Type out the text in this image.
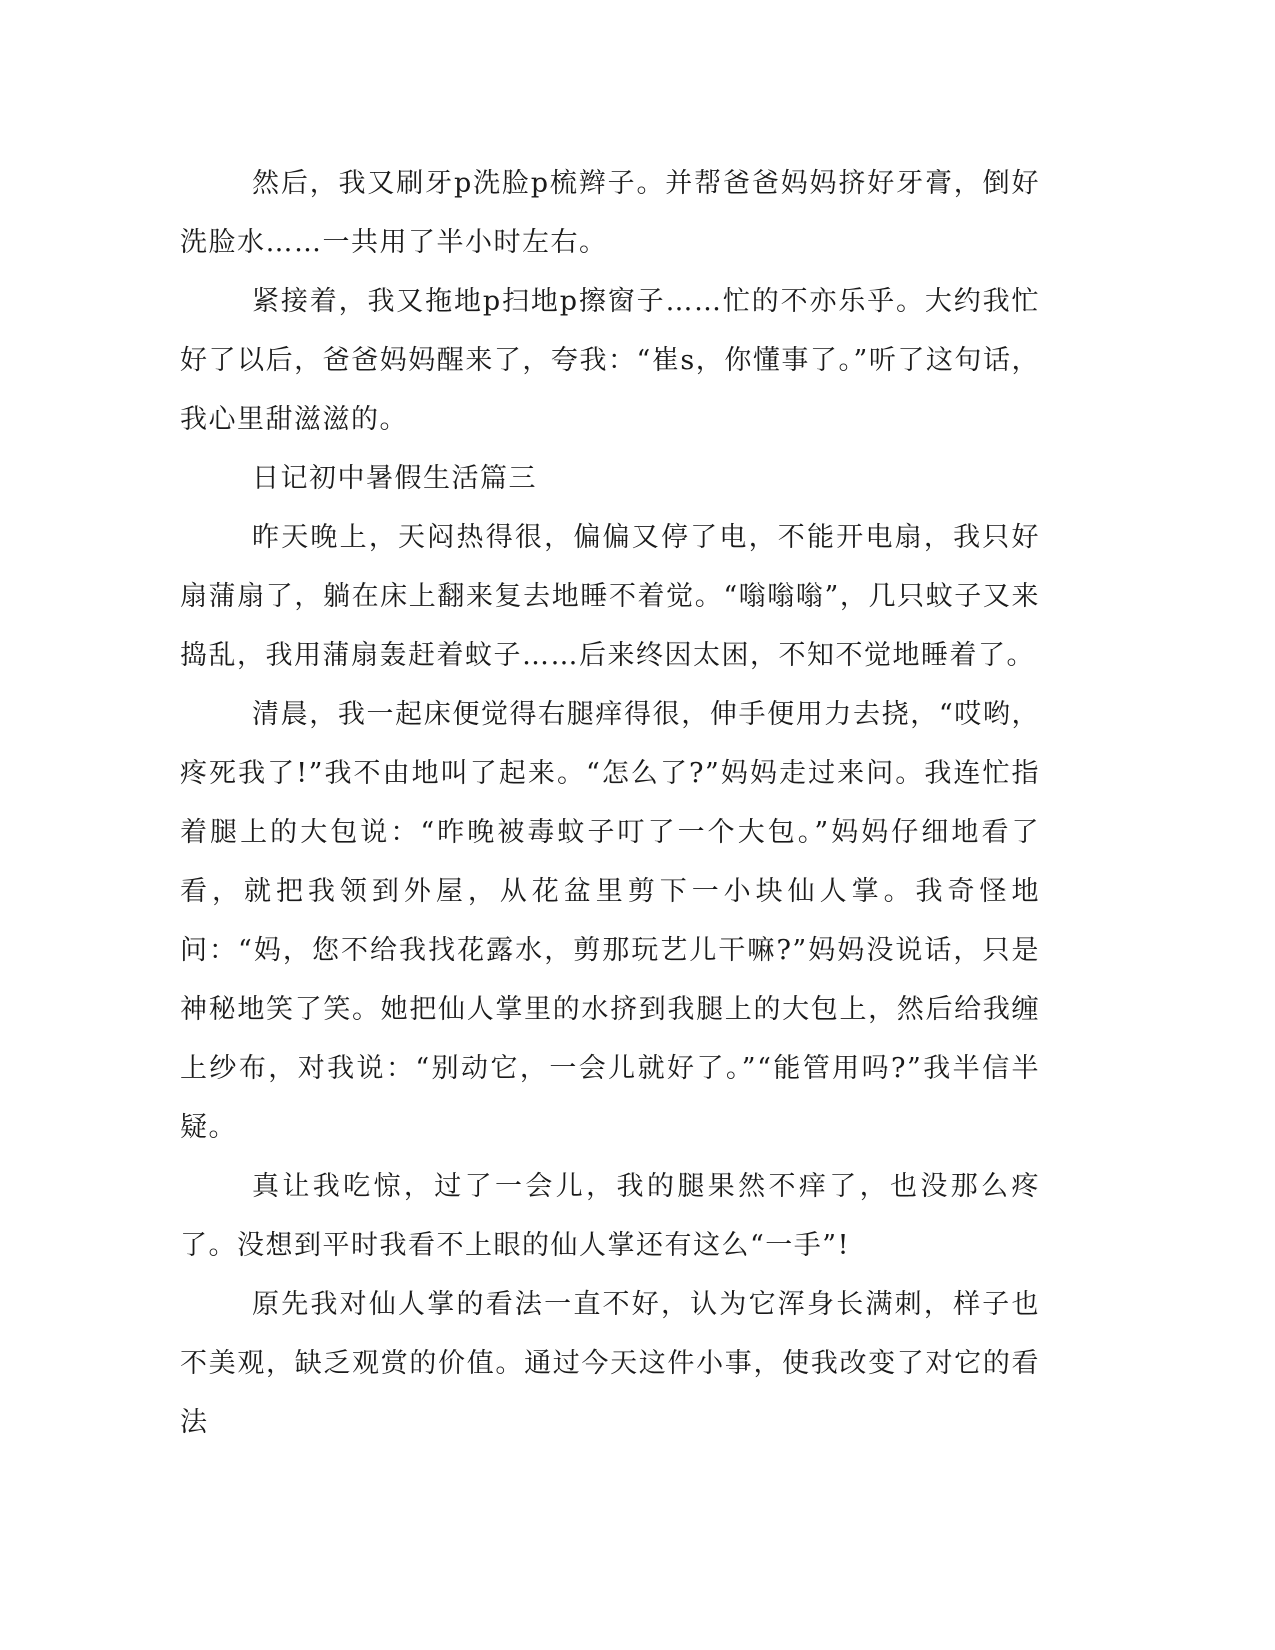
然后，我又刷牙p洗脸p梳辫子。并帮爸爸妈妈挤好牙膏，倒好洗脸水……一共用了半小时左右。

紧接着，我又拖地p扫地p擦窗子……忙的不亦乐乎。大约我忙好了以后，爸爸妈妈醒来了，夸我：“崔s，你懂事了。”听了这句话，我心里甜滋滋的。

日记初中暑假生活篇三

昨天晚上，天闷热得很，偏偏又停了电，不能开电扇，我只好扇蒲扇了，躺在床上翻来复去地睡不着觉。“嗡嗡嗡”，几只蚊子又来捣乱，我用蒲扇轰赶着蚊子……后来终因太困，不知不觉地睡着了。

清晨，我一起床便觉得右腿痒得很，伸手便用力去挠，“哎哟，疼死我了!”我不由地叫了起来。“怎么了?”妈妈走过来问。我连忙指着腿上的大包说：“昨晚被毒蚊子叮了一个大包。”妈妈仔细地看了看，就把我领到外屋，从花盆里剪下一小块仙人掌。我奇怪地问：“妈，您不给我找花露水，剪那玩艺儿干嘛?”妈妈没说话，只是神秘地笑了笑。她把仙人掌里的水挤到我腿上的大包上，然后给我缠上纱布，对我说：“别动它，一会儿就好了。”“能管用吗?”我半信半疑。

真让我吃惊，过了一会儿，我的腿果然不痒了，也没那么疼了。没想到平时我看不上眼的仙人掌还有这么“一手”!

原先我对仙人掌的看法一直不好，认为它浑身长满刺，样子也不美观，缺乏观赏的价值。通过今天这件小事，使我改变了对它的看法
